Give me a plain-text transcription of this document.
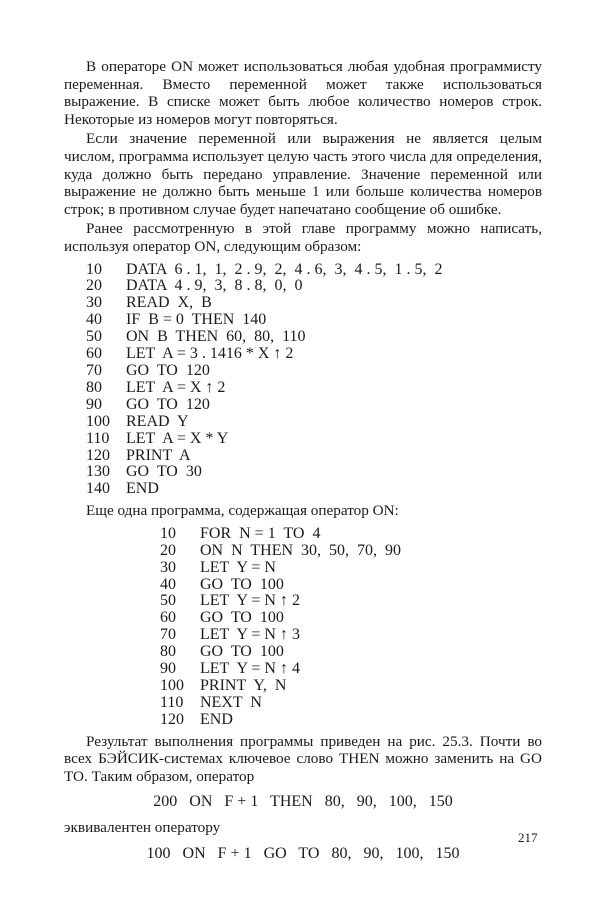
В операторе ON может использоваться любая удобная программисту переменная. Вместо переменной может также использоваться выражение. В списке может быть любое количество номеров строк. Некоторые из номеров могут повторяться.

Если значение переменной или выражения не является целым числом, программа использует целую часть этого числа для определения, куда должно быть передано управление. Значение переменной или выражение не должно быть меньше 1 или больше количества номеров строк; в противном случае будет напечатано сообщение об ошибке.

Ранее рассмотренную в этой главе программу можно написать, используя оператор ON, следующим образом:

10	DATA  6 . 1,  1,  2 . 9,  2,  4 . 6,  3,  4 . 5,  1 . 5,  2
20	DATA  4 . 9,  3,  8 . 8,  0,  0
30	READ  X,  B
40	IF  B = 0  THEN  140
50	ON  B  THEN  60,  80,  110
60	LET  A = 3 . 1416 * X ↑ 2
70	GO  TO  120
80	LET  A = X ↑ 2
90	GO  TO  120
100	READ  Y
110	LET  A = X * Y
120	PRINT  A
130	GO  TO  30
140	END

Еще одна программа, содержащая оператор ON:

10	FOR  N = 1  TO  4
20	ON  N  THEN  30,  50,  70,  90
30	LET  Y = N
40	GO  TO  100
50	LET  Y = N ↑ 2
60	GO  TO  100
70	LET  Y = N ↑ 3
80	GO  TO  100
90	LET  Y = N ↑ 4
100	PRINT  Y,  N
110	NEXT  N
120	END

Результат выполнения программы приведен на рис. 25.3. Почти во всех БЭЙСИК-системах ключевое слово THEN можно заменить на GO TO. Таким образом, оператор

200   ON   F + 1   THEN   80,   90,   100,   150

эквивалентен оператору

100   ON   F + 1   GO   TO   80,   90,   100,   150
217
